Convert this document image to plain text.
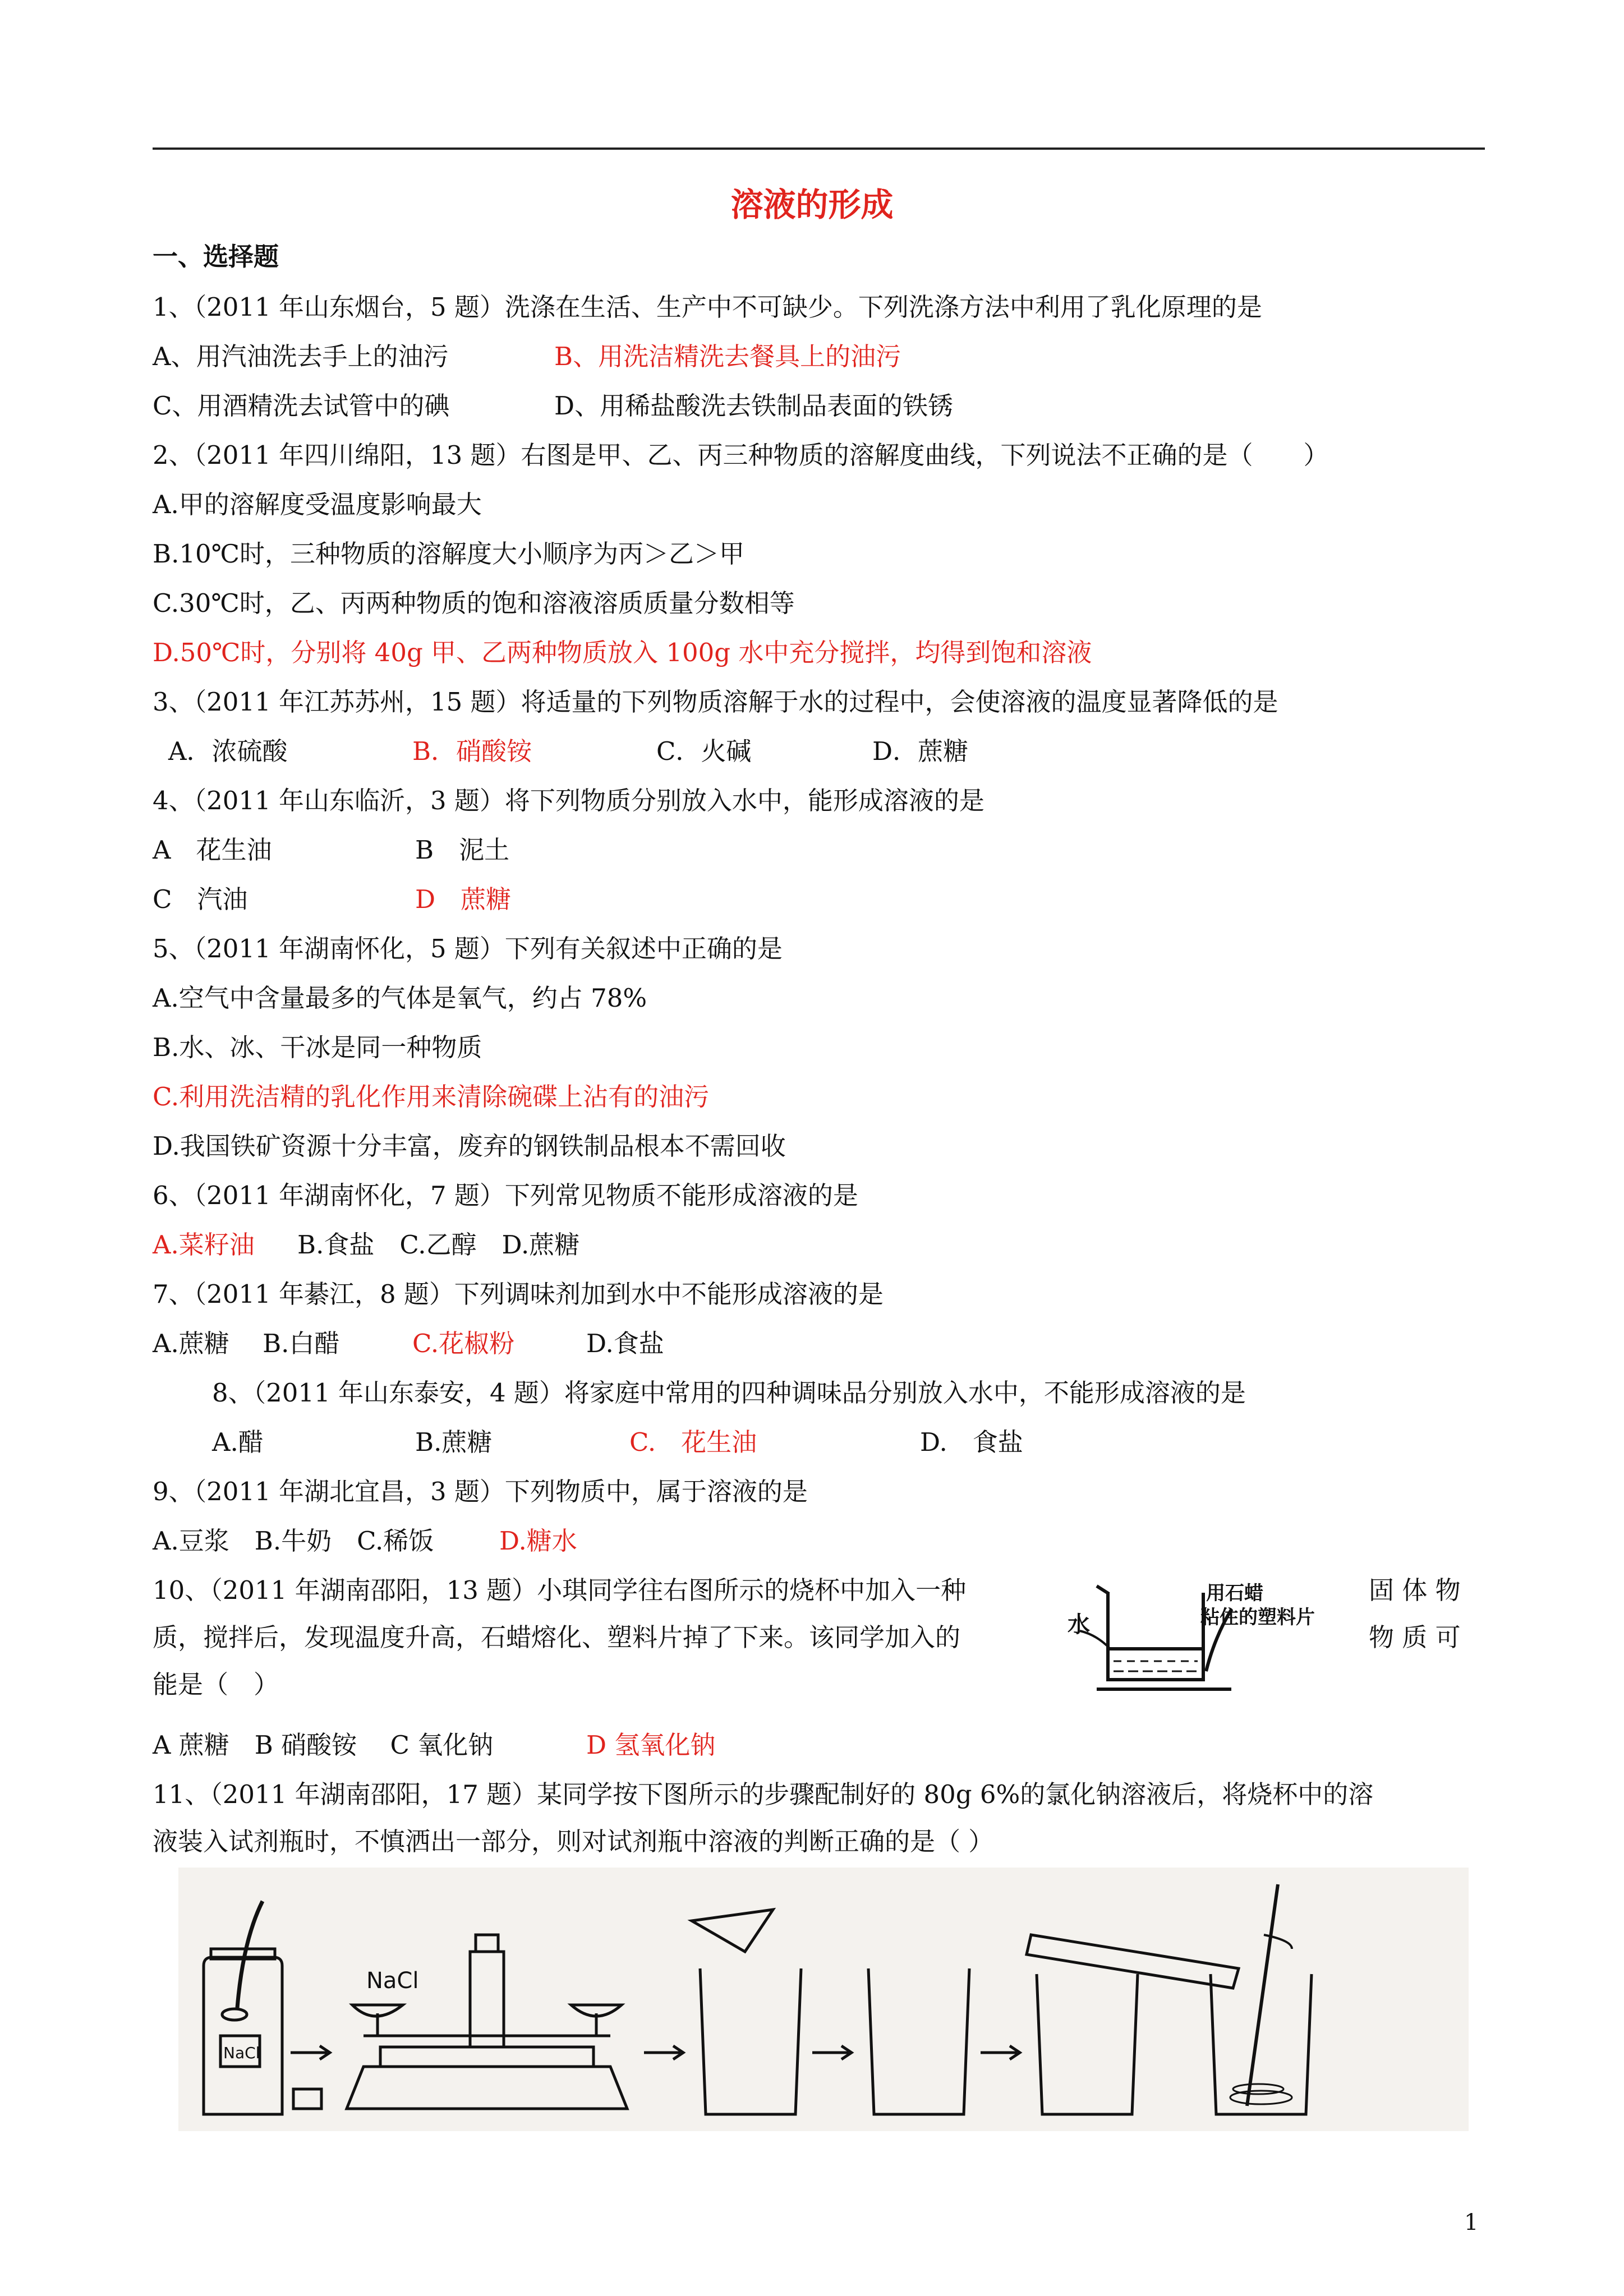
溶液的形成
一、选择题
1、（2011 年山东烟台，5 题）洗涤在生活、生产中不可缺少。下列洗涤方法中利用了乳化原理的是
A、用汽油洗去手上的油污	B、用洗洁精洗去餐具上的油污
C、用酒精洗去试管中的碘	D、用稀盐酸洗去铁制品表面的铁锈
2、（2011 年四川绵阳，13 题）右图是甲、乙、丙三种物质的溶解度曲线，下列说法不正确的是（　　）
A.甲的溶解度受温度影响最大
B.10℃时，三种物质的溶解度大小顺序为丙＞乙＞甲
C.30℃时，乙、丙两种物质的饱和溶液溶质质量分数相等
D.50℃时，分别将 40g 甲、乙两种物质放入 100g 水中充分搅拌，均得到饱和溶液
3、（2011 年江苏苏州，15 题）将适量的下列物质溶解于水的过程中，会使溶液的温度显著降低的是
A．浓硫酸	B．硝酸铵	C．火碱	D．蔗糖
4、（2011 年山东临沂，3 题）将下列物质分别放入水中，能形成溶液的是
A　花生油	B　泥土
C　汽油	D　蔗糖
5、（2011 年湖南怀化，5 题）下列有关叙述中正确的是
A.空气中含量最多的气体是氧气，约占 78%
B.水、冰、干冰是同一种物质
C.利用洗洁精的乳化作用来清除碗碟上沾有的油污
D.我国铁矿资源十分丰富，废弃的钢铁制品根本不需回收
6、（2011 年湖南怀化，7 题）下列常见物质不能形成溶液的是
A.菜籽油 B.食盐　C.乙醇　D.蔗糖
7、（2011 年綦江，8 题）下列调味剂加到水中不能形成溶液的是
A.蔗糖　 B.白醋	C.花椒粉	D.食盐
8、（2011 年山东泰安，4 题）将家庭中常用的四种调味品分别放入水中，不能形成溶液的是
A.醋	B.蔗糖	C.　花生油	D.　食盐
9、（2011 年湖北宜昌，3 题）下列物质中，属于溶液的是
A.豆浆　B.牛奶　C.稀饭	D.糖水
10、（2011 年湖南邵阳，13 题）小琪同学往右图所示的烧杯中加入一种	固 体 物
质，搅拌后，发现温度升高，石蜡熔化、塑料片掉了下来。该同学加入的	物 质 可
能是（　）
A 蔗糖　B 硝酸铵　 C 氧化钠	D 氢氧化钠
水
用石蜡
粘住的塑料片
11、（2011 年湖南邵阳，17 题）某同学按下图所示的步骤配制好的 80g 6%的氯化钠溶液后，将烧杯中的溶
液装入试剂瓶时，不慎洒出一部分，则对试剂瓶中溶液的判断正确的是（ ）
NaCl
NaCl
1
